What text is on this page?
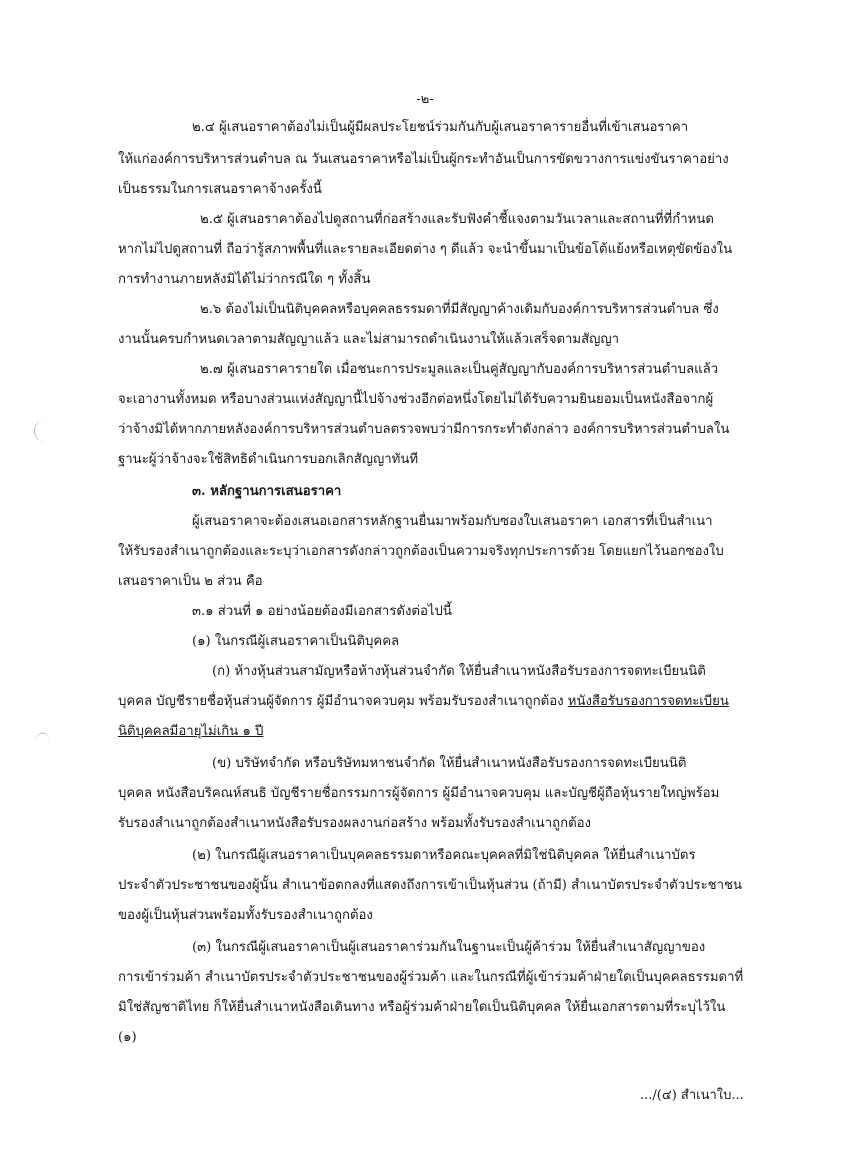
-๒-
๒.๔ ผู้เสนอราคาต้องไม่เป็นผู้มีผลประโยชน์ร่วมกันกับผู้เสนอราคารายอื่นที่เข้าเสนอราคา
ให้แก่องค์การบริหารส่วนตำบล ณ วันเสนอราคาหรือไม่เป็นผู้กระทำอันเป็นการขัดขวางการแข่งขันราคาอย่าง
เป็นธรรมในการเสนอราคาจ้างครั้งนี้
๒.๕ ผู้เสนอราคาต้องไปดูสถานที่ก่อสร้างและรับฟังคำชี้แจงตามวันเวลาและสถานที่ที่กำหนด
หากไม่ไปดูสถานที่ ถือว่ารู้สภาพพื้นที่และรายละเอียดต่าง ๆ ดีแล้ว จะนำขึ้นมาเป็นข้อโต้แย้งหรือเหตุขัดข้องใน
การทำงานภายหลังมิได้ไม่ว่ากรณีใด ๆ ทั้งสิ้น
๒.๖ ต้องไม่เป็นนิติบุคคลหรือบุคคลธรรมดาที่มีสัญญาค้างเดิมกับองค์การบริหารส่วนตำบล ซึ่ง
งานนั้นครบกำหนดเวลาตามสัญญาแล้ว และไม่สามารถดำเนินงานให้แล้วเสร็จตามสัญญา
๒.๗ ผู้เสนอราคารายใด เมื่อชนะการประมูลและเป็นคู่สัญญากับองค์การบริหารส่วนตำบลแล้ว
จะเอางานทั้งหมด หรือบางส่วนแห่งสัญญานี้ไปจ้างช่วงอีกต่อหนึ่งโดยไม่ได้รับความยินยอมเป็นหนังสือจากผู้
ว่าจ้างมิได้หากภายหลังองค์การบริหารส่วนตำบลตรวจพบว่ามีการกระทำดังกล่าว องค์การบริหารส่วนตำบลใน
ฐานะผู้ว่าจ้างจะใช้สิทธิดำเนินการบอกเลิกสัญญาทันที
๓. หลักฐานการเสนอราคา
ผู้เสนอราคาจะต้องเสนอเอกสารหลักฐานยื่นมาพร้อมกับซองใบเสนอราคา เอกสารที่เป็นสำเนา
ให้รับรองสำเนาถูกต้องและระบุว่าเอกสารดังกล่าวถูกต้องเป็นความจริงทุกประการด้วย โดยแยกไว้นอกซองใบ
เสนอราคาเป็น ๒ ส่วน คือ
๓.๑ ส่วนที่ ๑ อย่างน้อยต้องมีเอกสารดังต่อไปนี้
(๑) ในกรณีผู้เสนอราคาเป็นนิติบุคคล
(ก) ห้างหุ้นส่วนสามัญหรือห้างหุ้นส่วนจำกัด ให้ยื่นสำเนาหนังสือรับรองการจดทะเบียนนิติ
บุคคล บัญชีรายชื่อหุ้นส่วนผู้จัดการ ผู้มีอำนาจควบคุม พร้อมรับรองสำเนาถูกต้อง หนังสือรับรองการจดทะเบียน
นิติบุคคลมีอายุไม่เกิน ๑ ปี
(ข) บริษัทจำกัด หรือบริษัทมหาชนจำกัด ให้ยื่นสำเนาหนังสือรับรองการจดทะเบียนนิติ
บุคคล หนังสือบริคณห์สนธิ บัญชีรายชื่อกรรมการผู้จัดการ ผู้มีอำนาจควบคุม และบัญชีผู้ถือหุ้นรายใหญ่พร้อม
รับรองสำเนาถูกต้องสำเนาหนังสือรับรองผลงานก่อสร้าง พร้อมทั้งรับรองสำเนาถูกต้อง
(๒) ในกรณีผู้เสนอราคาเป็นบุคคลธรรมดาหรือคณะบุคคลที่มิใช่นิติบุคคล ให้ยื่นสำเนาบัตร
ประจำตัวประชาชนของผู้นั้น สำเนาข้อตกลงที่แสดงถึงการเข้าเป็นหุ้นส่วน (ถ้ามี) สำเนาบัตรประจำตัวประชาชน
ของผู้เป็นหุ้นส่วนพร้อมทั้งรับรองสำเนาถูกต้อง
(๓) ในกรณีผู้เสนอราคาเป็นผู้เสนอราคาร่วมกันในฐานะเป็นผู้ค้าร่วม ให้ยื่นสำเนาสัญญาของ
การเข้าร่วมค้า สำเนาบัตรประจำตัวประชาชนของผู้ร่วมค้า และในกรณีที่ผู้เข้าร่วมค้าฝ่ายใดเป็นบุคคลธรรมดาที่
มิใช่สัญชาติไทย ก็ให้ยื่นสำเนาหนังสือเดินทาง หรือผู้ร่วมค้าฝ่ายใดเป็นนิติบุคคล ให้ยื่นเอกสารตามที่ระบุไว้ใน
(๑)
.../(๔) สำเนาใบ...
